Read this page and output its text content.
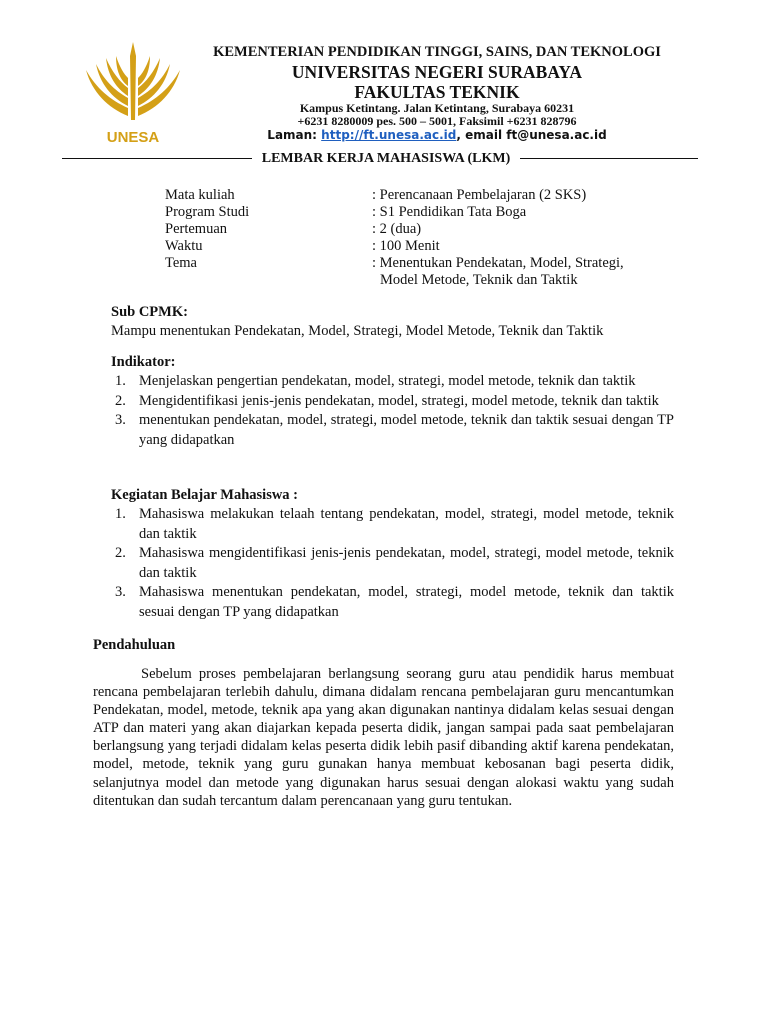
UNESA
KEMENTERIAN PENDIDIKAN TINGGI, SAINS, DAN TEKNOLOGI
UNIVERSITAS NEGERI SURABAYA
FAKULTAS TEKNIK
Kampus Ketintang. Jalan Ketintang, Surabaya 60231
+6231 8280009 pes. 500 – 5001, Faksimil +6231 828796
Laman: http://ft.unesa.ac.id, email ft@unesa.ac.id
LEMBAR KERJA MAHASISWA (LKM)
Mata kuliah	: Perencanaan Pembelajaran (2 SKS)
Program Studi	: S1 Pendidikan Tata Boga
Pertemuan	: 2 (dua)
Waktu	: 100 Menit
Tema	: Menentukan Pendekatan, Model, Strategi,
Model Metode, Teknik dan Taktik
Sub CPMK:
Mampu menentukan Pendekatan, Model, Strategi, Model Metode, Teknik dan Taktik
Indikator:
1. Menjelaskan pengertian pendekatan, model, strategi, model metode, teknik dan taktik
2. Mengidentifikasi jenis-jenis pendekatan, model, strategi, model metode, teknik dan taktik
3. menentukan pendekatan, model, strategi, model metode, teknik dan taktik sesuai dengan TP yang didapatkan
Kegiatan Belajar Mahasiswa :
1. Mahasiswa melakukan telaah tentang pendekatan, model, strategi, model metode, teknik dan taktik
2. Mahasiswa mengidentifikasi jenis-jenis pendekatan, model, strategi, model metode, teknik dan taktik
3. Mahasiswa menentukan pendekatan, model, strategi, model metode, teknik dan taktik sesuai dengan TP yang didapatkan
Pendahuluan
Sebelum proses pembelajaran berlangsung seorang guru atau pendidik harus membuat rencana pembelajaran terlebih dahulu, dimana didalam rencana pembelajaran guru mencantumkan Pendekatan, model, metode, teknik apa yang akan digunakan nantinya didalam kelas sesuai dengan ATP dan materi yang akan diajarkan kepada peserta didik, jangan sampai pada saat pembelajaran berlangsung yang terjadi didalam kelas peserta didik lebih pasif dibanding aktif karena pendekatan, model, metode, teknik yang guru gunakan hanya membuat kebosanan bagi peserta didik, selanjutnya model dan metode yang digunakan harus sesuai dengan alokasi waktu yang sudah ditentukan dan sudah tercantum dalam perencanaan yang guru tentukan.
